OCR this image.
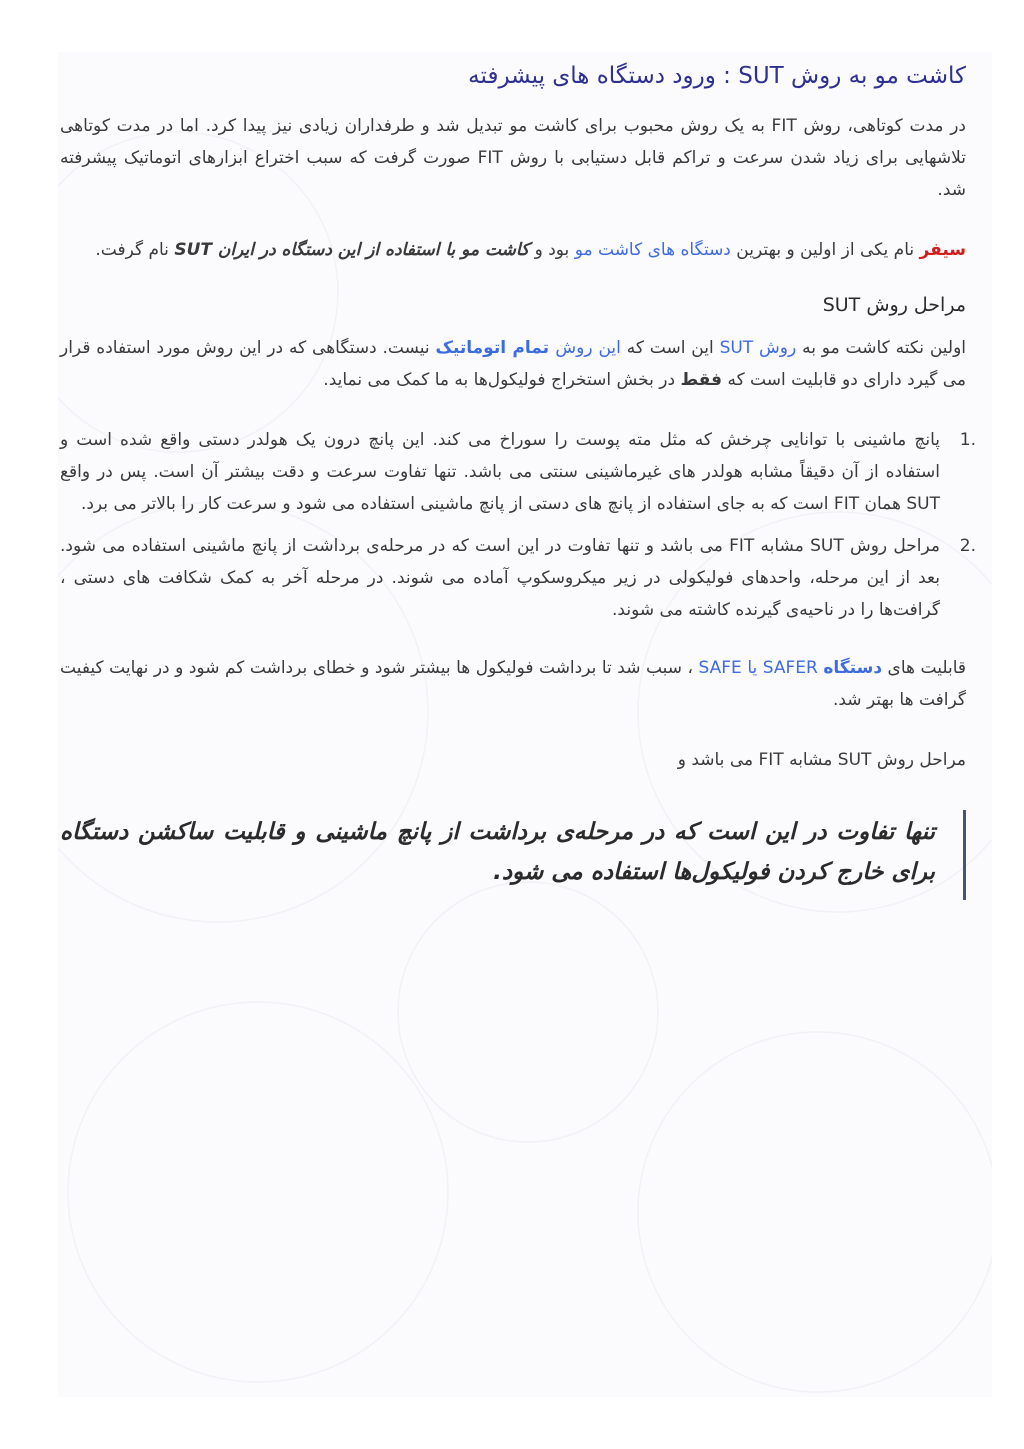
کاشت مو به روش SUT : ورود دستگاه های پیشرفته

در مدت کوتاهی، روش FIT به یک روش محبوب برای کاشت مو تبدیل شد و طرفداران زیادی نیز پیدا کرد. اما در مدت کوتاهی تلاشهایی برای زیاد شدن سرعت و تراکم قابل دستیابی با روش FIT صورت گرفت که سبب اختراع ابزارهای اتوماتیک پیشرفته شد.

سیفر نام یکی از اولین و بهترین دستگاه های کاشت مو بود و کاشت مو با استفاده از این دستگاه در ایران SUT نام گرفت.

مراحل روش SUT

اولین نکته کاشت مو به روش SUT این است که این روش تمام اتوماتیک نیست. دستگاهی که در این روش مورد استفاده قرار می گیرد دارای دو قابلیت است که فقط در بخش استخراج فولیکول‌ها به ما کمک می نماید.

1.
پانچ ماشینی با توانایی چرخش که مثل مته پوست را سوراخ می کند. این پانچ درون یک هولدر دستی واقع شده است و استفاده از آن دقیقاً مشابه هولدر های غیرماشینی سنتی می باشد. تنها تفاوت سرعت و دقت بیشتر آن است. پس در واقع SUT همان FIT است که به جای استفاده از پانچ های دستی از پانچ ماشینی استفاده می شود و سرعت کار را بالاتر می برد.
2.
مراحل روش SUT مشابه FIT می باشد و تنها تفاوت در این است که در مرحله‌ی برداشت از پانچ ماشینی استفاده می شود. بعد از این مرحله، واحدهای فولیکولی در زیر میکروسکوپ آماده می شوند. در مرحله آخر به کمک شکافت های دستی ، گرافت‌ها را در ناحیه‌ی گیرنده کاشته می شوند.

قابلیت های دستگاه SAFER یا SAFE ، سبب شد تا برداشت فولیکول ها بیشتر شود و خطای برداشت کم شود و در نهایت کیفیت گرافت ها بهتر شد.

مراحل روش SUT مشابه FIT می باشد و

تنها تفاوت در این است که در مرحله‌ی برداشت از پانچ ماشینی و قابلیت ساکشن دستگاه برای خارج کردن فولیکول‌ها استفاده می شود.
